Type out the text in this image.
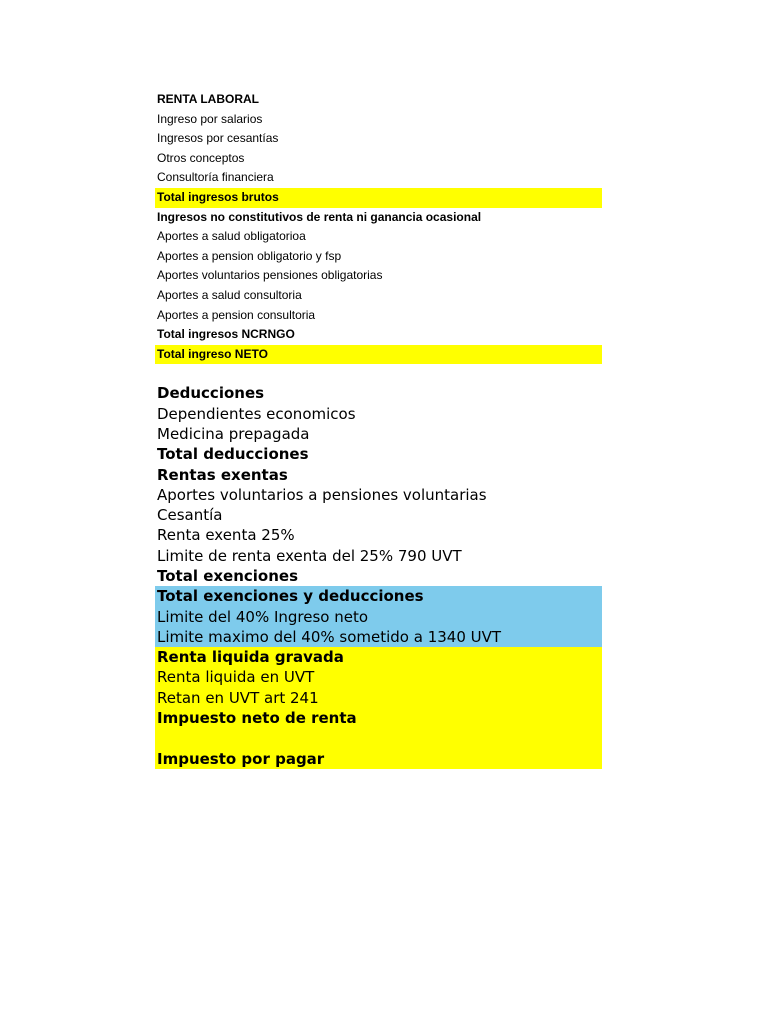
RENTA LABORAL
Ingreso por salarios
Ingresos por cesantías
Otros conceptos
Consultoría financiera
Total ingresos brutos
Ingresos no constitutivos de renta ni ganancia ocasional
Aportes a salud obligatorioa
Aportes a pension obligatorio y fsp
Aportes voluntarios pensiones obligatorias
Aportes a salud consultoria
Aportes a pension consultoria
Total ingresos NCRNGO
Total ingreso NETO
Deducciones
Dependientes economicos
Medicina prepagada
Total deducciones
Rentas exentas
Aportes voluntarios a pensiones voluntarias
Cesantía
Renta exenta 25%
Limite de renta exenta del 25% 790 UVT
Total exenciones
Total exenciones y deducciones
Limite del 40% Ingreso neto
Limite maximo del 40% sometido a 1340 UVT
Renta liquida gravada
Renta liquida en UVT
Retan en UVT art 241
Impuesto neto de renta
Impuesto por pagar
